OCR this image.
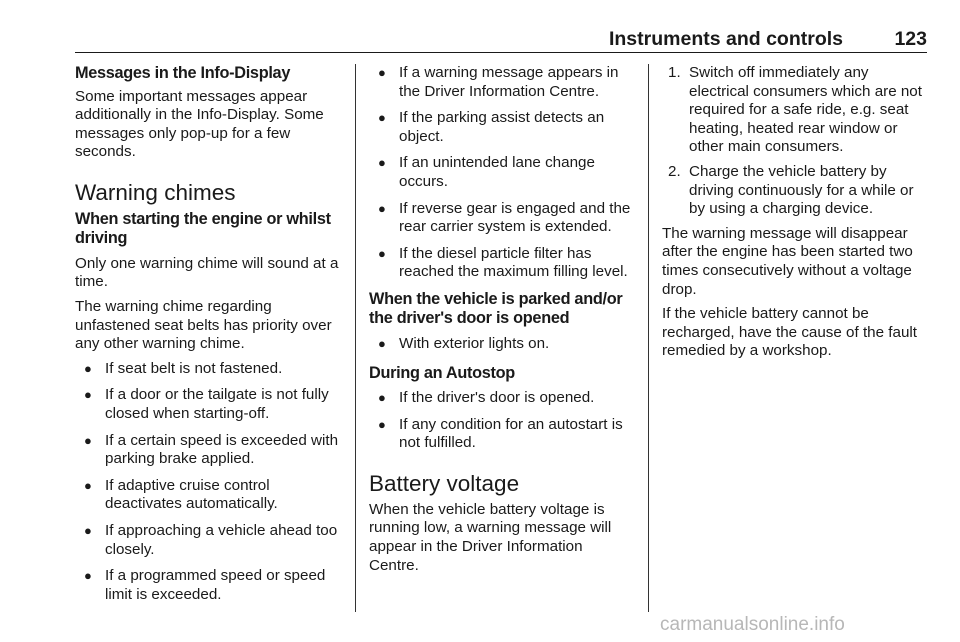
Instruments and controls	123
Messages in the Info-Display

Some important messages appear additionally in the Info-Display. Some messages only pop-up for a few seconds.

Warning chimes
When starting the engine or whilst driving

Only one warning chime will sound at a time.

The warning chime regarding unfastened seat belts has priority over any other warning chime.

● If seat belt is not fastened.
● If a door or the tailgate is not fully closed when starting-off.
● If a certain speed is exceeded with parking brake applied.
● If adaptive cruise control deactivates automatically.
● If approaching a vehicle ahead too closely.
● If a programmed speed or speed limit is exceeded.
● If a warning message appears in the Driver Information Centre.
● If the parking assist detects an object.
● If an unintended lane change occurs.
● If reverse gear is engaged and the rear carrier system is extended.
● If the diesel particle filter has reached the maximum filling level.
When the vehicle is parked and/or the driver's door is opened
● With exterior lights on.
During an Autostop
● If the driver's door is opened.
● If any condition for an autostart is not fulfilled.
Battery voltage

When the vehicle battery voltage is running low, a warning message will appear in the Driver Information Centre.

1. Switch off immediately any electrical consumers which are not required for a safe ride, e.g. seat heating, heated rear window or other main consumers.
2. Charge the vehicle battery by driving continuously for a while or by using a charging device.

The warning message will disappear after the engine has been started two times consecutively without a voltage drop.

If the vehicle battery cannot be recharged, have the cause of the fault remedied by a workshop.

carmanualsonline.info
